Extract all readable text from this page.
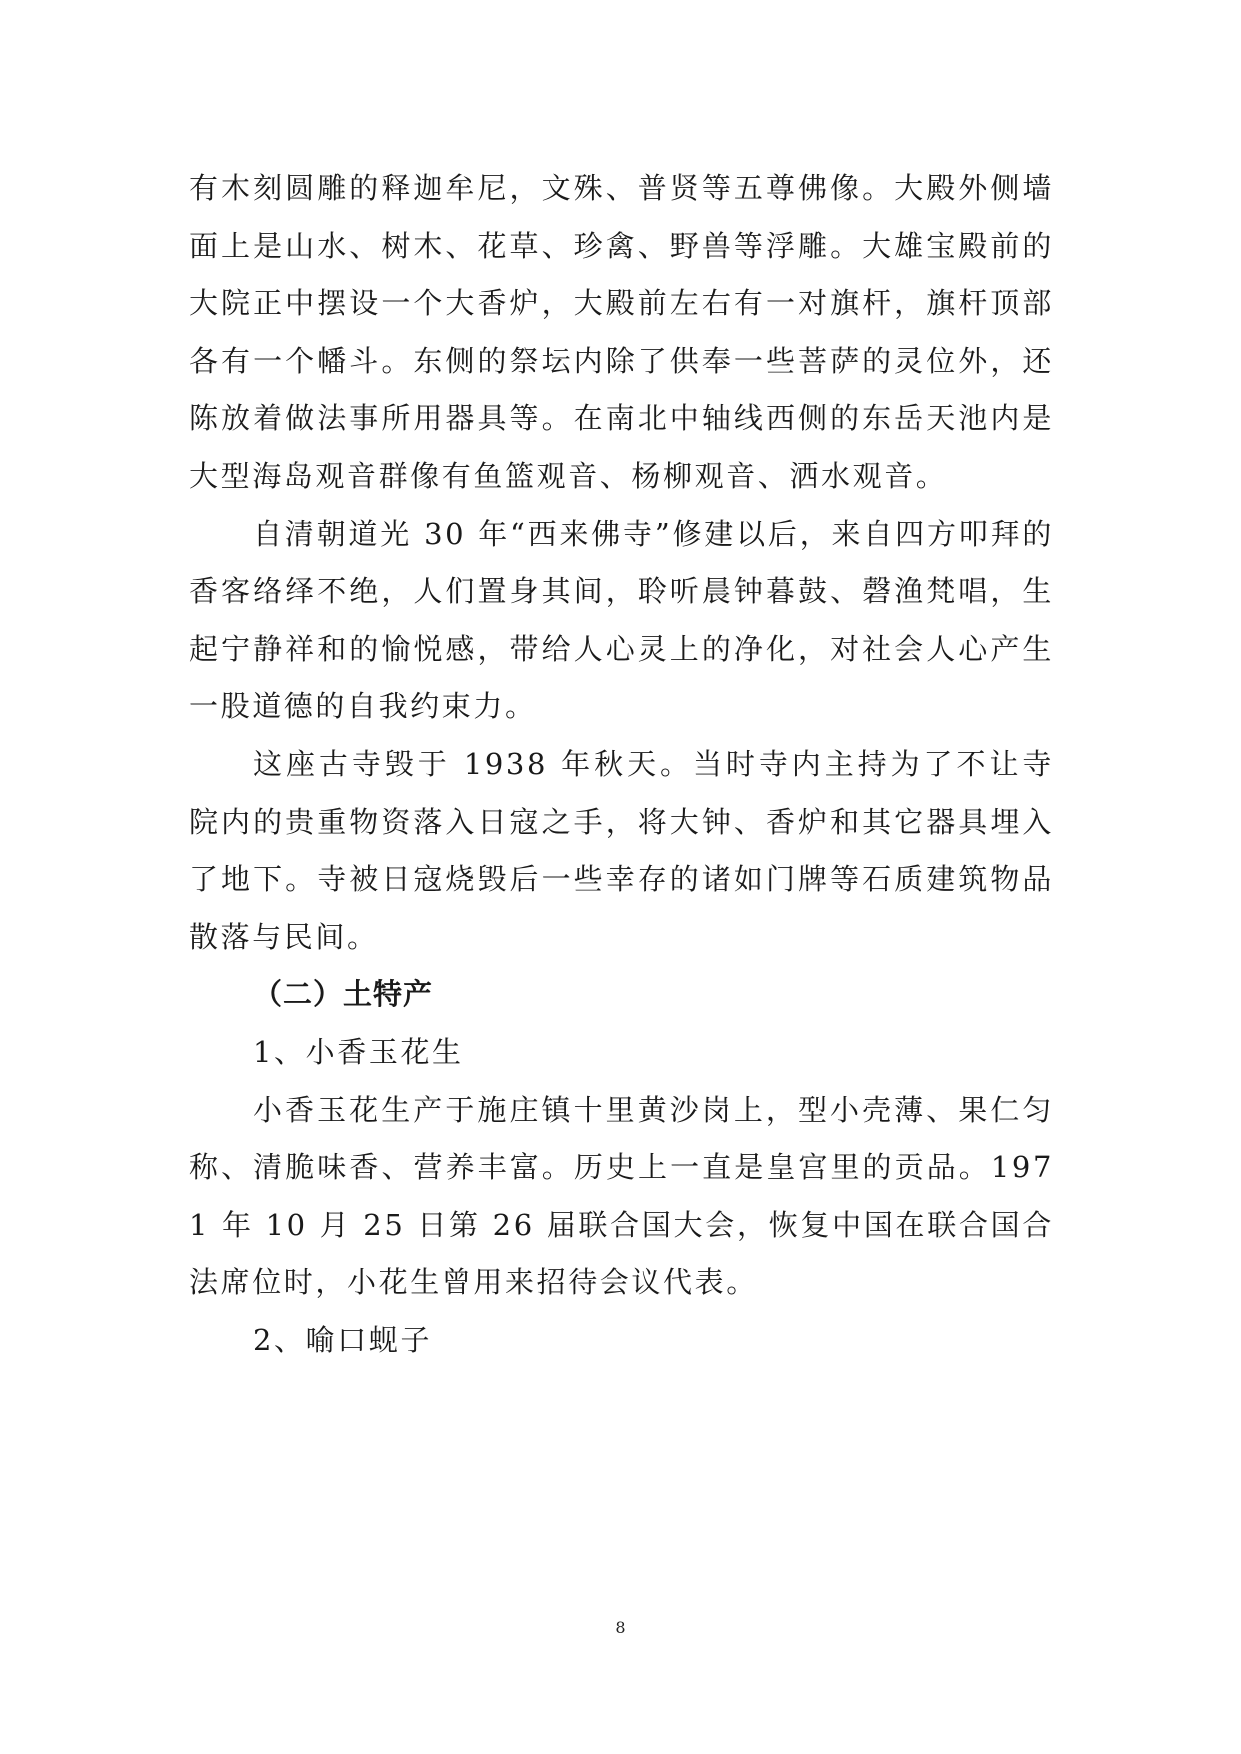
有木刻圆雕的释迦牟尼，文殊、普贤等五尊佛像。大殿外侧墙面上是山水、树木、花草、珍禽、野兽等浮雕。大雄宝殿前的大院正中摆设一个大香炉，大殿前左右有一对旗杆，旗杆顶部各有一个幡斗。东侧的祭坛内除了供奉一些菩萨的灵位外，还陈放着做法事所用器具等。在南北中轴线西侧的东岳天池内是大型海岛观音群像有鱼篮观音、杨柳观音、洒水观音。

自清朝道光 30 年“西来佛寺”修建以后，来自四方叩拜的香客络绎不绝，人们置身其间，聆听晨钟暮鼓、磬渔梵唱，生起宁静祥和的愉悦感，带给人心灵上的净化，对社会人心产生一股道德的自我约束力。

这座古寺毁于 1938 年秋天。当时寺内主持为了不让寺院内的贵重物资落入日寇之手，将大钟、香炉和其它器具埋入了地下。寺被日寇烧毁后一些幸存的诸如门牌等石质建筑物品散落与民间。

（二）土特产

1、小香玉花生

小香玉花生产于施庄镇十里黄沙岗上，型小壳薄、果仁匀称、清脆味香、营养丰富。历史上一直是皇宫里的贡品。1971 年 10 月 25 日第 26 届联合国大会，恢复中国在联合国合法席位时，小花生曾用来招待会议代表。

2、喻口蚬子

8
